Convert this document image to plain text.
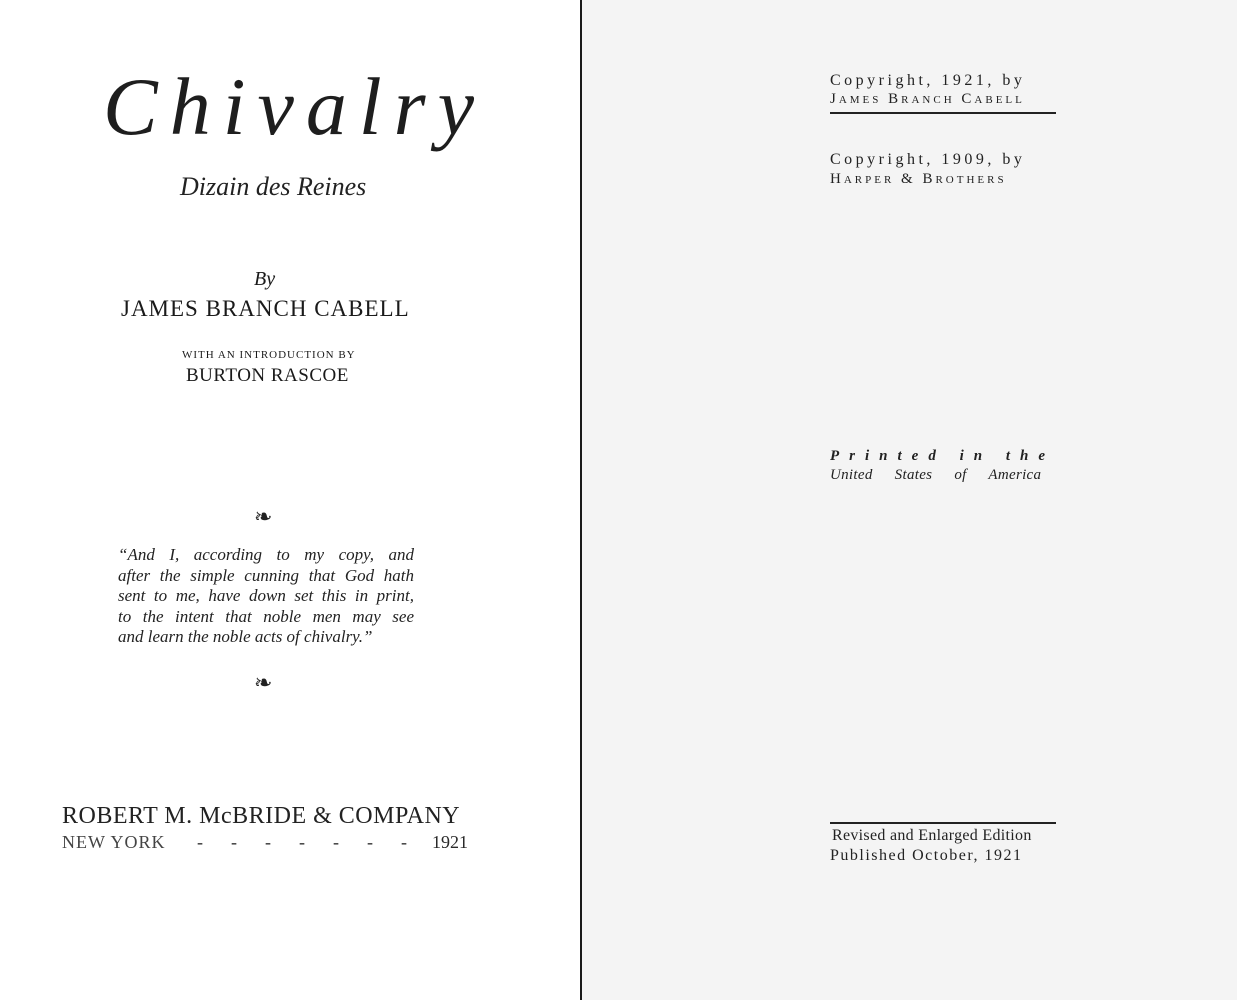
Chivalry
Dizain des Reines
By
JAMES BRANCH CABELL
WITH AN INTRODUCTION BY
BURTON RASCOE
❧
“And I, according to my copy, and
after the simple cunning that God hath
sent to me, have down set this in print,
to the intent that noble men may see
and learn the noble acts of chivalry.”
❧
ROBERT M. McBRIDE & COMPANY
NEW YORK -------
1921
Copyright, 1921, by
James Branch Cabell
Copyright, 1909, by
Harper & Brothers
Printed in the
United States of America
Revised and Enlarged Edition
Published October, 1921
